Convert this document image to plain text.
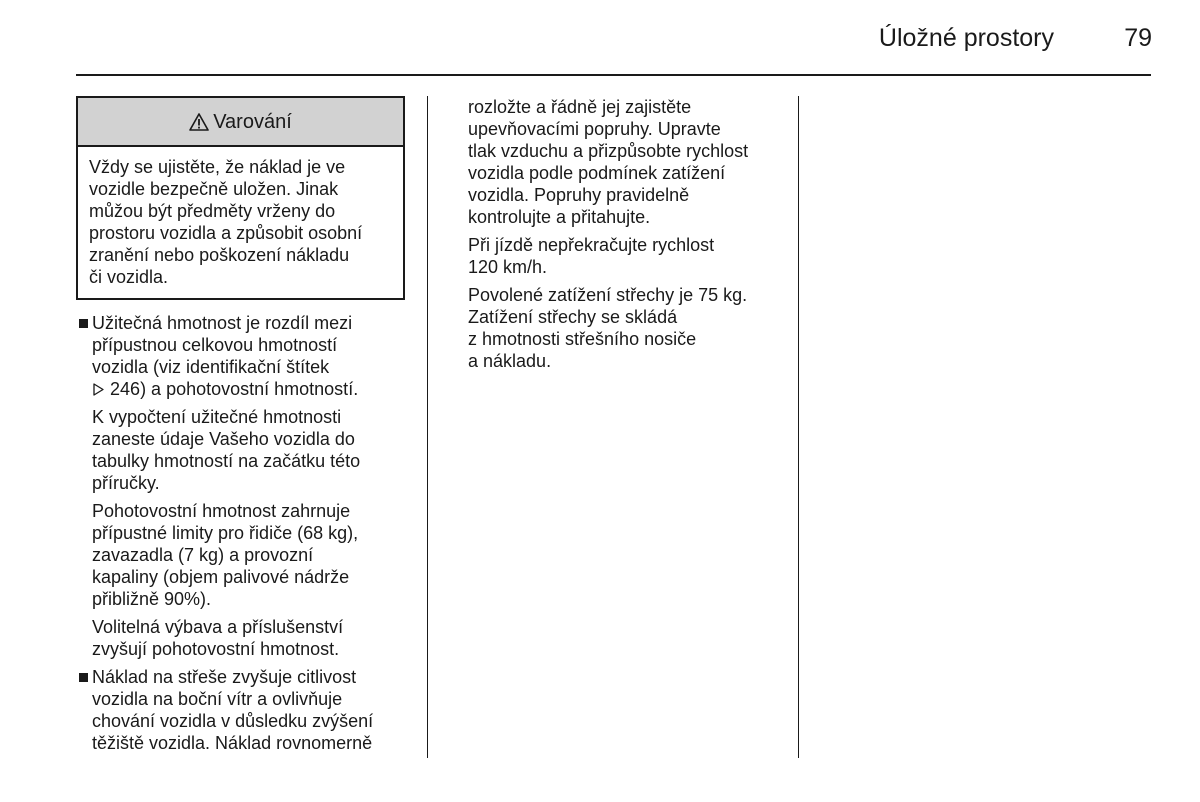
Úložné prostory	79
Varování
Vždy se ujistěte, že náklad je ve
vozidle bezpečně uložen. Jinak
můžou být předměty vrženy do
prostoru vozidla a způsobit osobní
zranění nebo poškození nákladu
či vozidla.

Užitečná hmotnost je rozdíl mezi
přípustnou celkovou hmotností
vozidla (viz identifikační štítek
246) a pohotovostní hmotností.

K vypočtení užitečné hmotnosti
zaneste údaje Vašeho vozidla do
tabulky hmotností na začátku této
příručky.

Pohotovostní hmotnost zahrnuje
přípustné limity pro řidiče (68 kg),
zavazadla (7 kg) a provozní
kapaliny (objem palivové nádrže
přibližně 90%).

Volitelná výbava a příslušenství
zvyšují pohotovostní hmotnost.

Náklad na střeše zvyšuje citlivost
vozidla na boční vítr a ovlivňuje
chování vozidla v důsledku zvýšení
těžiště vozidla. Náklad rovnomerně

rozložte a řádně jej zajistěte
upevňovacími popruhy. Upravte
tlak vzduchu a přizpůsobte rychlost
vozidla podle podmínek zatížení
vozidla. Popruhy pravidelně
kontrolujte a přitahujte.

Při jízdě nepřekračujte rychlost
120 km/h.

Povolené zatížení střechy je 75 kg.
Zatížení střechy se skládá
z hmotnosti střešního nosiče
a nákladu.
